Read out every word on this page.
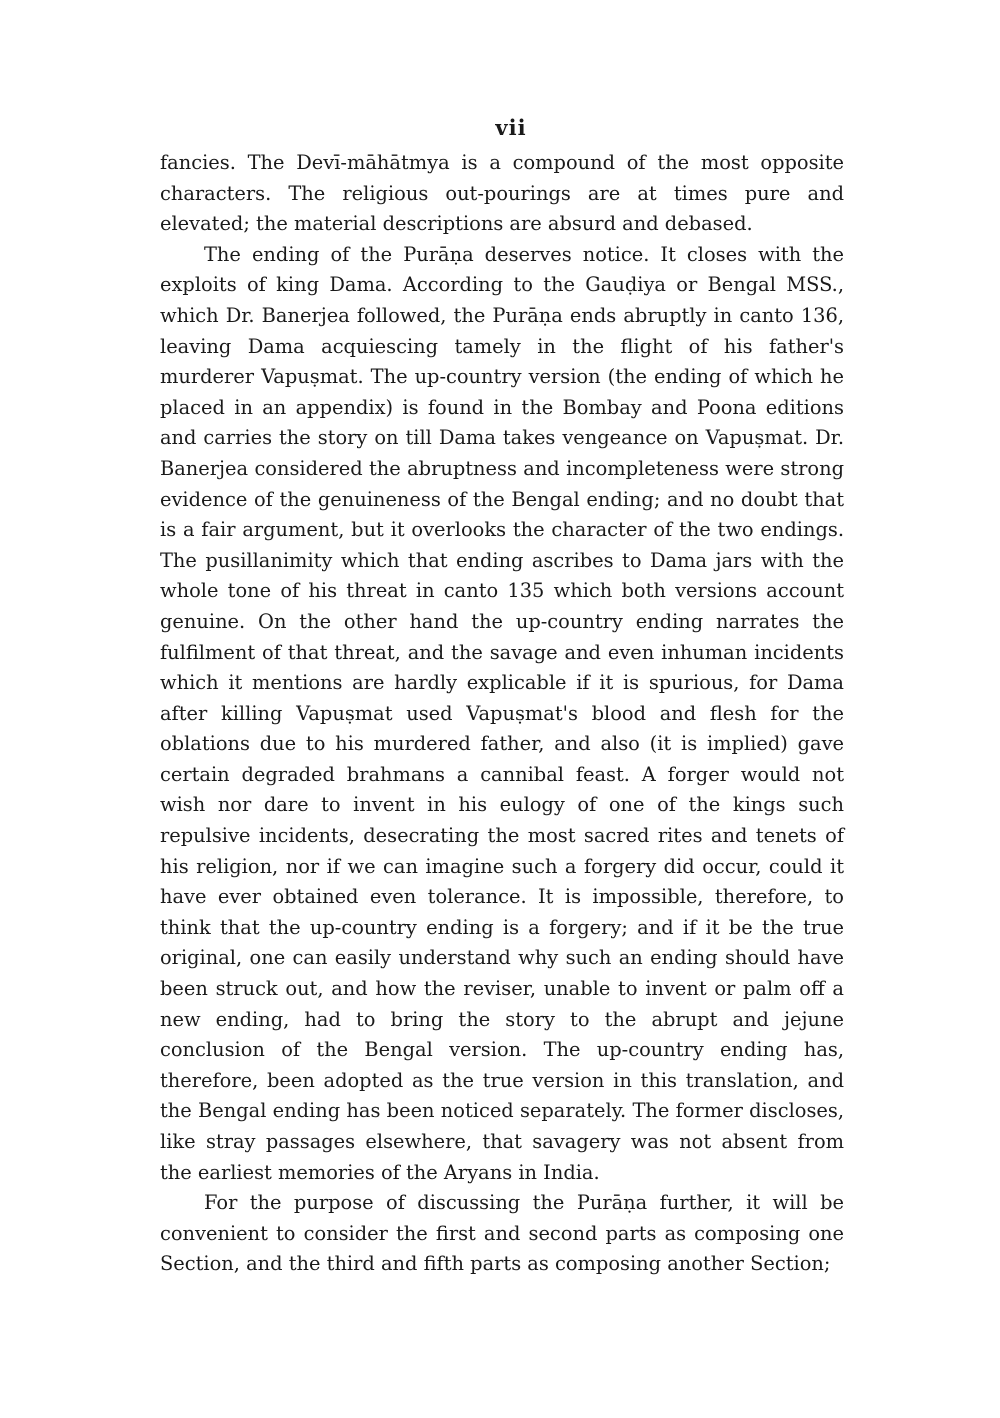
vii

fancies. The Devī-māhātmya is a compound of the most opposite characters. The religious out-pourings are at times pure and elevated; the material descriptions are absurd and debased.

The ending of the Purāṇa deserves notice. It closes with the exploits of king Dama. According to the Gauḍiya or Bengal MSS., which Dr. Banerjea followed, the Purāṇa ends abruptly in canto 136, leaving Dama acquiescing tamely in the flight of his father's murderer Vapuṣmat. The up-country version (the ending of which he placed in an appendix) is found in the Bombay and Poona editions and carries the story on till Dama takes vengeance on Vapuṣmat. Dr. Banerjea considered the abruptness and incompleteness were strong evidence of the genuineness of the Bengal ending; and no doubt that is a fair argument, but it overlooks the character of the two endings. The pusillanimity which that ending ascribes to Dama jars with the whole tone of his threat in canto 135 which both versions account genuine. On the other hand the up-country ending narrates the fulfilment of that threat, and the savage and even inhuman incidents which it mentions are hardly explicable if it is spurious, for Dama after killing Vapuṣmat used Vapuṣmat's blood and flesh for the oblations due to his murdered father, and also (it is implied) gave certain degraded brahmans a cannibal feast. A forger would not wish nor dare to invent in his eulogy of one of the kings such repulsive incidents, desecrating the most sacred rites and tenets of his religion, nor if we can imagine such a forgery did occur, could it have ever obtained even tolerance. It is impossible, therefore, to think that the up-country ending is a forgery; and if it be the true original, one can easily understand why such an ending should have been struck out, and how the reviser, unable to invent or palm off a new ending, had to bring the story to the abrupt and jejune conclusion of the Bengal version. The up-country ending has, therefore, been adopted as the true version in this translation, and the Bengal ending has been noticed separately. The former discloses, like stray passages elsewhere, that savagery was not absent from the earliest memories of the Aryans in India.

For the purpose of discussing the Purāṇa further, it will be convenient to consider the first and second parts as composing one Section, and the third and fifth parts as composing another Section;
